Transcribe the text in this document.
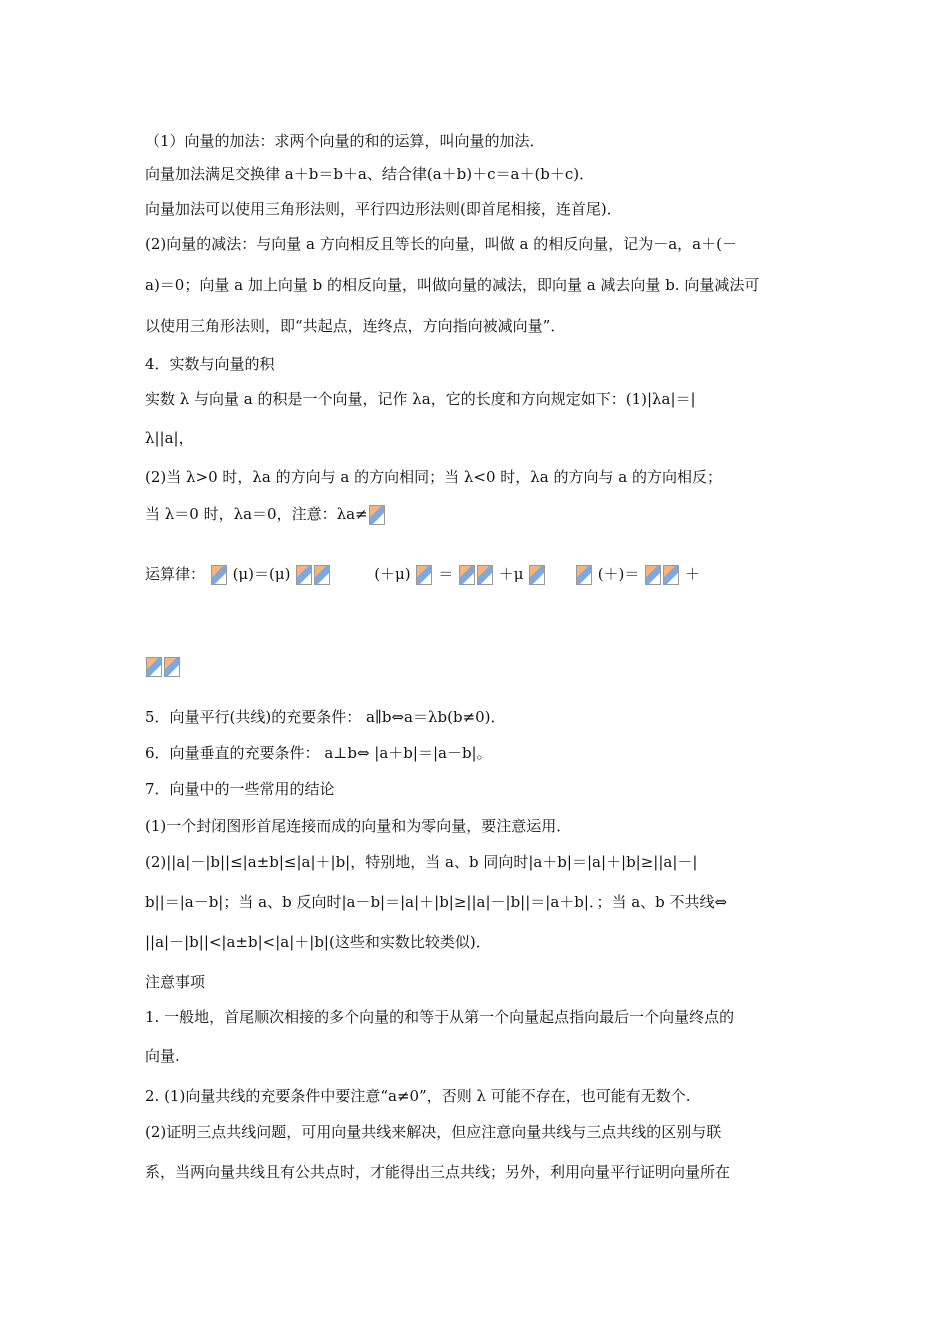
（1）向量的加法：求两个向量的和的运算，叫向量的加法．
向量加法满足交换律 a＋b＝b＋a、结合律(a＋b)＋c＝a＋(b＋c)．
向量加法可以使用三角形法则，平行四边形法则(即首尾相接，连首尾)．
(2)向量的减法：与向量 a 方向相反且等长的向量，叫做 a 的相反向量，记为－a，a＋(－
a)＝0；向量 a 加上向量 b 的相反向量，叫做向量的减法，即向量 a 减去向量 b. 向量减法可
以使用三角形法则，即“共起点，连终点，方向指向被减向量”．
4．实数与向量的积
实数 λ 与向量 a 的积是一个向量，记作 λa，它的长度和方向规定如下：(1)|λa|＝|
λ||a|，
(2)当 λ>0 时，λa 的方向与 a 的方向相同；当 λ<0 时，λa 的方向与 a 的方向相反；
当 λ＝0 时，λa＝0，注意：λa≠
运算律： (μ)＝(μ)	(＋μ) ＝	＋μ	(＋)＝	＋
5．向量平行(共线)的充要条件： a∥b⇔a＝λb(b≠0)．
6．向量垂直的充要条件： a⊥b⇔ |a＋b|＝|a－b|。
7．向量中的一些常用的结论
(1)一个封闭图形首尾连接而成的向量和为零向量，要注意运用．
(2)||a|－|b||≤|a±b|≤|a|＋|b|，特别地，当 a、b 同向时|a＋b|＝|a|＋|b|≥||a|－|
b||＝|a－b|；当 a、b 反向时|a－b|＝|a|＋|b|≥||a|－|b||＝|a＋b|．；当 a、b 不共线⇔
||a|－|b||<|a±b|<|a|＋|b|(这些和实数比较类似)．
注意事项
1. 一般地，首尾顺次相接的多个向量的和等于从第一个向量起点指向最后一个向量终点的
向量.
2. (1)向量共线的充要条件中要注意“a≠0”，否则 λ 可能不存在，也可能有无数个.
(2)证明三点共线问题，可用向量共线来解决，但应注意向量共线与三点共线的区别与联
系，当两向量共线且有公共点时，才能得出三点共线；另外，利用向量平行证明向量所在
